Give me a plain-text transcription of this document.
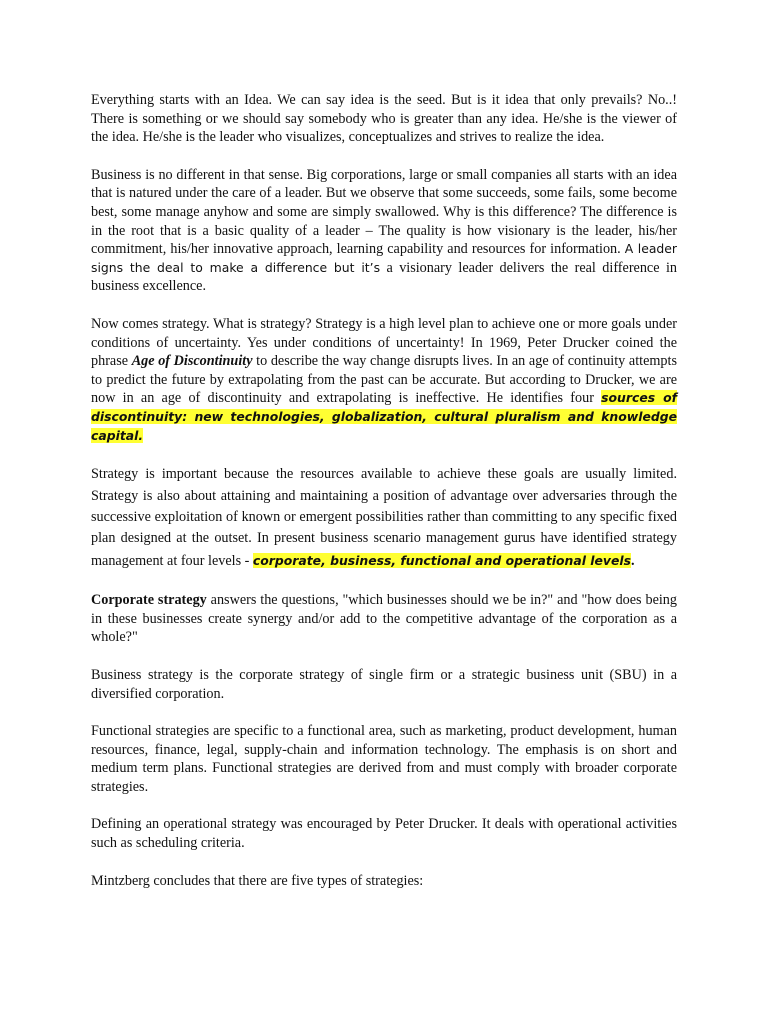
Everything starts with an Idea. We can say idea is the seed. But is it idea that only prevails? No..! There is something or we should say somebody who is greater than any idea. He/she is the viewer of the idea. He/she is the leader who visualizes, conceptualizes and strives to realize the idea.

Business is no different in that sense. Big corporations, large or small companies all starts with an idea that is natured under the care of a leader. But we observe that some succeeds, some fails, some become best, some manage anyhow and some are simply swallowed. Why is this difference? The difference is in the root that is a basic quality of a leader – The quality is how visionary is the leader, his/her commitment, his/her innovative approach, learning capability and resources for information. A leader signs the deal to make a difference but it’s a visionary leader delivers the real difference in business excellence.

Now comes strategy. What is strategy? Strategy is a high level plan to achieve one or more goals under conditions of uncertainty. Yes under conditions of uncertainty! In 1969, Peter Drucker coined the phrase Age of Discontinuity to describe the way change disrupts lives. In an age of continuity attempts to predict the future by extrapolating from the past can be accurate. But according to Drucker, we are now in an age of discontinuity and extrapolating is ineffective. He identifies four sources of discontinuity: new technologies, globalization, cultural pluralism and knowledge capital.

Strategy is important because the resources available to achieve these goals are usually limited. Strategy is also about attaining and maintaining a position of advantage over adversaries through the successive exploitation of known or emergent possibilities rather than committing to any specific fixed plan designed at the outset. In present business scenario management gurus have identified strategy management at four levels - corporate, business, functional and operational levels.

Corporate strategy answers the questions, "which businesses should we be in?" and "how does being in these businesses create synergy and/or add to the competitive advantage of the corporation as a whole?"

Business strategy is the corporate strategy of single firm or a strategic business unit (SBU) in a diversified corporation.

Functional strategies are specific to a functional area, such as marketing, product development, human resources, finance, legal, supply-chain and information technology. The emphasis is on short and medium term plans. Functional strategies are derived from and must comply with broader corporate strategies.

Defining an operational strategy was encouraged by Peter Drucker. It deals with operational activities such as scheduling criteria.

Mintzberg concludes that there are five types of strategies:
